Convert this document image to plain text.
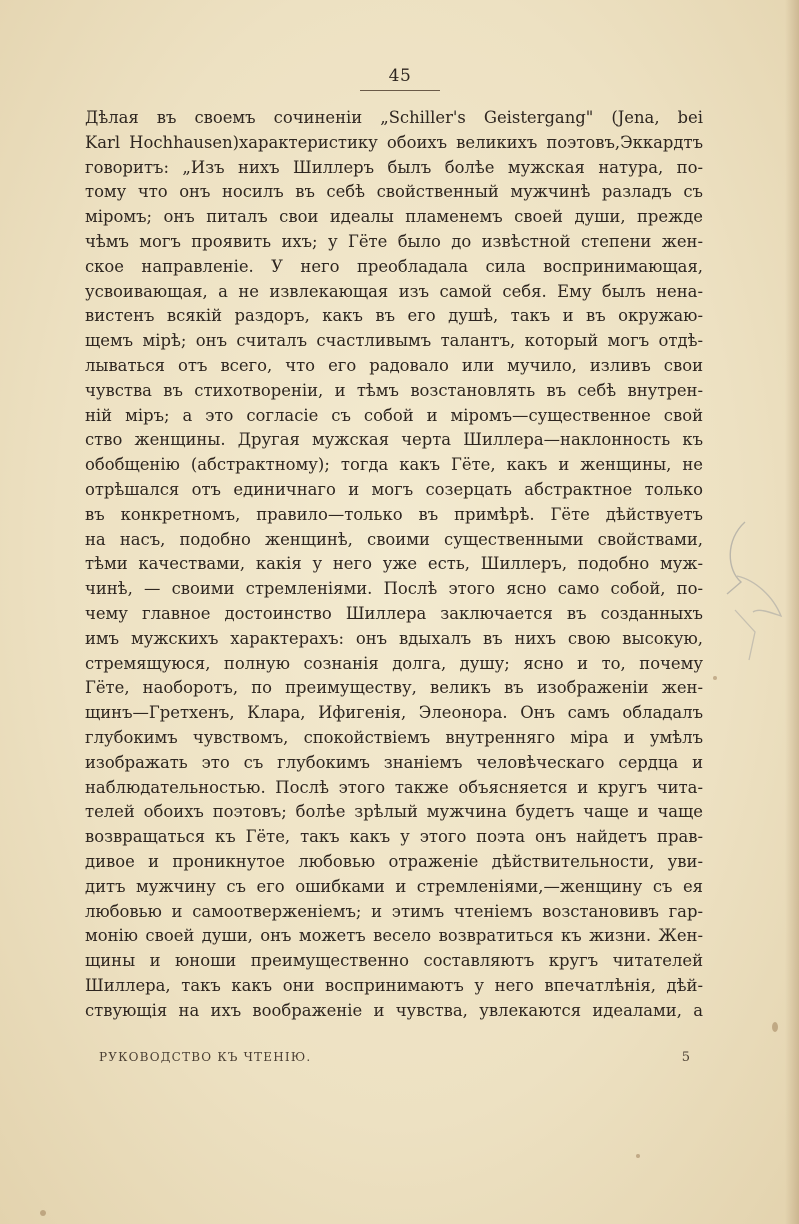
45
Дѣлая въ своемъ сочиненіи „Schiller's Geistergang" (Jena, bei
Karl Hochhausen)характеристику обоихъ великихъ поэтовъ,Эккардтъ
говоритъ: „Изъ нихъ Шиллеръ былъ болѣе мужская натура, по-
тому что онъ носилъ въ себѣ свойственный мужчинѣ разладъ съ
міромъ; онъ питалъ свои идеалы пламенемъ своей души, прежде
чѣмъ могъ проявить ихъ; у Гёте было до извѣстной степени жен-
ское направленіе. У него преобладала сила воспринимающая,
усвоивающая, а не извлекающая изъ самой себя. Ему былъ нена-
вистенъ всякій раздоръ, какъ въ его душѣ, такъ и въ окружаю-
щемъ мірѣ; онъ считалъ счастливымъ талантъ, который могъ отдѣ-
лываться отъ всего, что его радовало или мучило, изливъ свои
чувства въ стихотвореніи, и тѣмъ возстановлять въ себѣ внутрен-
ній міръ; а это согласіе съ собой и міромъ—существенное свой
ство женщины. Другая мужская черта Шиллера—наклонность къ
обобщенію (абстрактному); тогда какъ Гёте, какъ и женщины, не
отрѣшался отъ единичнаго и могъ созерцать абстрактное только
въ конкретномъ, правило—только въ примѣрѣ. Гёте дѣйствуетъ
на насъ, подобно женщинѣ, своими существенными свойствами,
тѣми качествами, какія у него уже есть, Шиллеръ, подобно муж-
чинѣ, — своими стремленіями. Послѣ этого ясно само собой, по-
чему главное достоинство Шиллера заключается въ созданныхъ
имъ мужскихъ характерахъ: онъ вдыхалъ въ нихъ свою высокую,
стремящуюся, полную сознанія долга, душу; ясно и то, почему
Гёте, наоборотъ, по преимуществу, великъ въ изображеніи жен-
щинъ—Гретхенъ, Клара, Ифигенія, Элеонора. Онъ самъ обладалъ
глубокимъ чувствомъ, спокойствіемъ внутренняго міра и умѣлъ
изображать это съ глубокимъ знаніемъ человѣческаго сердца и
наблюдательностью. Послѣ этого также объясняется и кругъ чита-
телей обоихъ поэтовъ; болѣе зрѣлый мужчина будетъ чаще и чаще
возвращаться къ Гёте, такъ какъ у этого поэта онъ найдетъ прав-
дивое и проникнутое любовью отраженіе дѣйствительности, уви-
дитъ мужчину съ его ошибками и стремленіями,—женщину съ ея
любовью и самоотверженіемъ; и этимъ чтеніемъ возстановивъ гар-
монію своей души, онъ можетъ весело возвратиться къ жизни. Жен-
щины и юноши преимущественно составляютъ кругъ читателей
Шиллера, такъ какъ они воспринимаютъ у него впечатлѣнія, дѣй-
ствующія на ихъ воображеніе и чувства, увлекаются идеалами, а
РУКОВОДСТВО КЪ ЧТЕНІЮ.	5
